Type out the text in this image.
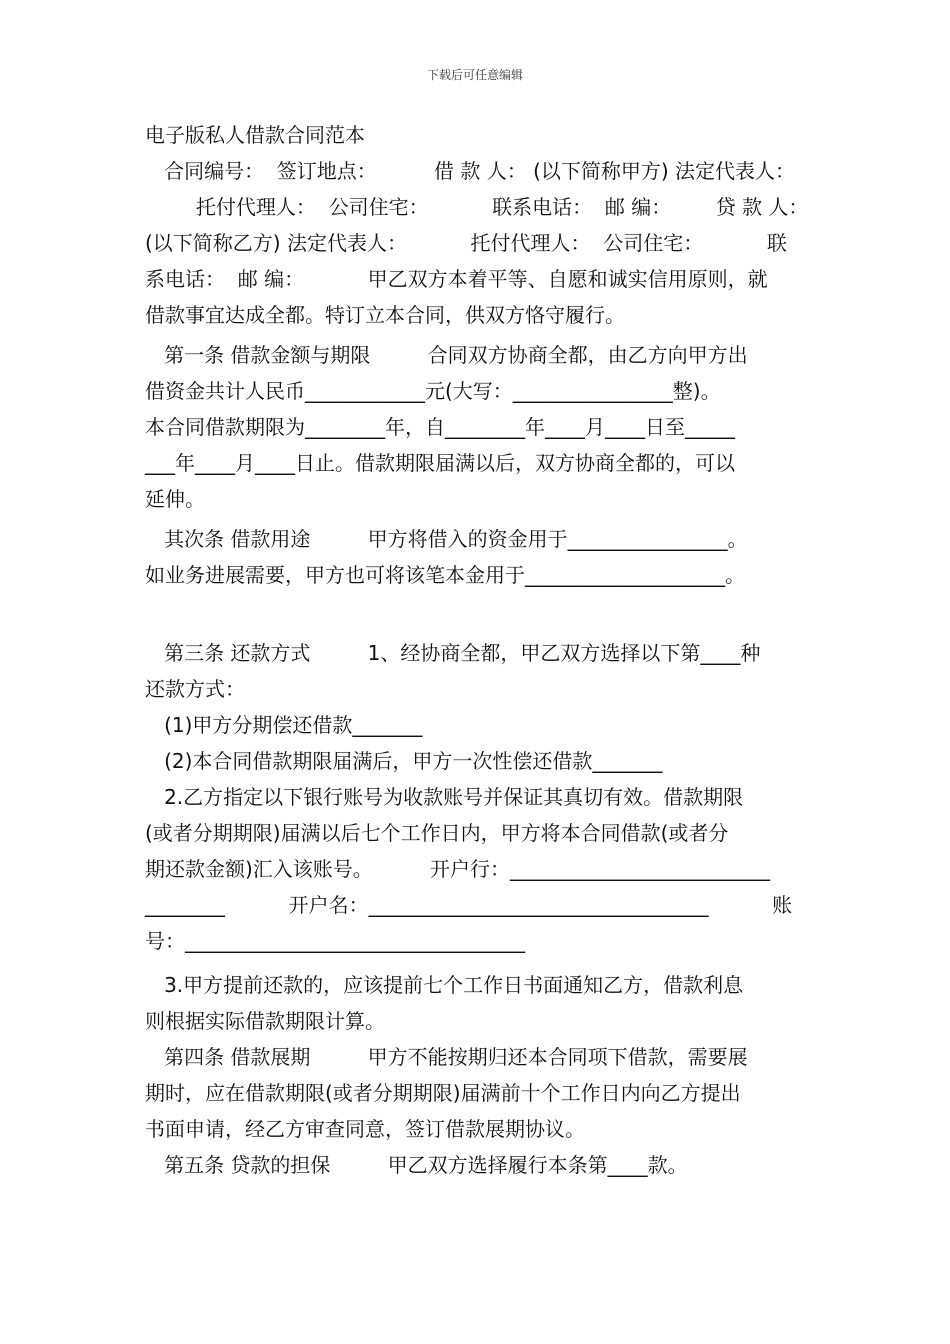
下载后可任意编辑
电子版私人借款合同范本
合同编号：  签订地点：         借 款 人： (以下简称甲方) 法定代表人：
托付代理人：  公司住宅：          联系电话：  邮 编：       贷 款 人：
(以下简称乙方) 法定代表人：          托付代理人：  公司住宅：          联
系电话：  邮 编：          甲乙双方本着平等、自愿和诚实信用原则，就
借款事宜达成全都。特订立本合同，供双方恪守履行。
第一条 借款金额与期限         合同双方协商全都，由乙方向甲方出
借资金共计人民币____________元(大写：________________整)。
本合同借款期限为________年，自________年____月____日至_____
___年____月____日止。借款期限届满以后，双方协商全都的，可以
延伸。
其次条 借款用途         甲方将借入的资金用于________________。
如业务进展需要，甲方也可将该笔本金用于____________________。
第三条 还款方式         1、经协商全都，甲乙双方选择以下第____种
还款方式：
(1)甲方分期偿还借款_______
(2)本合同借款期限届满后，甲方一次性偿还借款_______
2.乙方指定以下银行账号为收款账号并保证其真切有效。借款期限
(或者分期期限)届满以后七个工作日内，甲方将本合同借款(或者分
期还款金额)汇入该账号。         开户行：__________________________
________          开户名：__________________________________          账
号：__________________________________
3.甲方提前还款的，应该提前七个工作日书面通知乙方，借款利息
则根据实际借款期限计算。
第四条 借款展期         甲方不能按期归还本合同项下借款，需要展
期时，应在借款期限(或者分期期限)届满前十个工作日内向乙方提出
书面申请，经乙方审查同意，签订借款展期协议。
第五条 贷款的担保         甲乙双方选择履行本条第____款。
